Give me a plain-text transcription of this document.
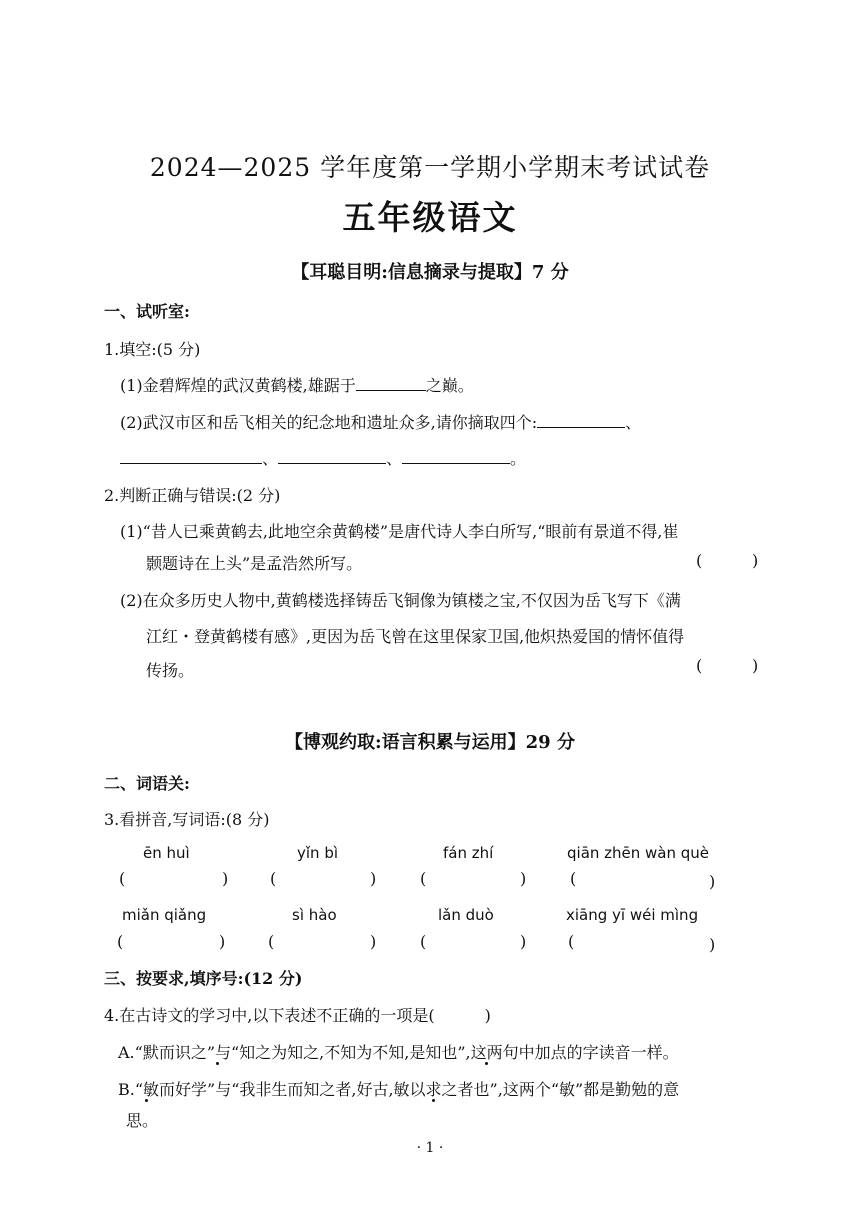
2024—2025 学年度第一学期小学期末考试试卷
五年级语文
【耳聪目明:信息摘录与提取】7 分
一、试听室:
1.填空:(5 分)
(1)金碧辉煌的武汉黄鹤楼,雄踞于	之巅。
(2)武汉市区和岳飞相关的纪念地和遗址众多,请你摘取四个:	、
、	、	。
2.判断正确与错误:(2 分)
(1)“昔人已乘黄鹤去,此地空余黄鹤楼”是唐代诗人李白所写,“眼前有景道不得,崔
颢题诗在上头”是孟浩然所写。	(	)
(2)在众多历史人物中,黄鹤楼选择铸岳飞铜像为镇楼之宝,不仅因为岳飞写下《满
江红・登黄鹤楼有感》,更因为岳飞曾在这里保家卫国,他炽热爱国的情怀值得
传扬。	(	)
【博观约取:语言积累与运用】29 分
二、词语关:
3.看拼音,写词语:(8 分)
ēn huì	yǐn bì	fán zhí	qiān zhēn wàn què
(	)	(	)	(	)	(	)
miǎn qiǎng	sì hào	lǎn duò	xiāng yī wéi mìng
(	)	(	)	(	)	(	)
三、按要求,填序号:(12 分)
4.在古诗文的学习中,以下表述不正确的一项是(	)
A.“默而识之”与“知之为知之,不知为不知,是知也”,这两句中加点的字读音一样。
B.“敏而好学”与“我非生而知之者,好古,敏以求之者也”,这两个“敏”都是勤勉的意
思。
· 1 ·
